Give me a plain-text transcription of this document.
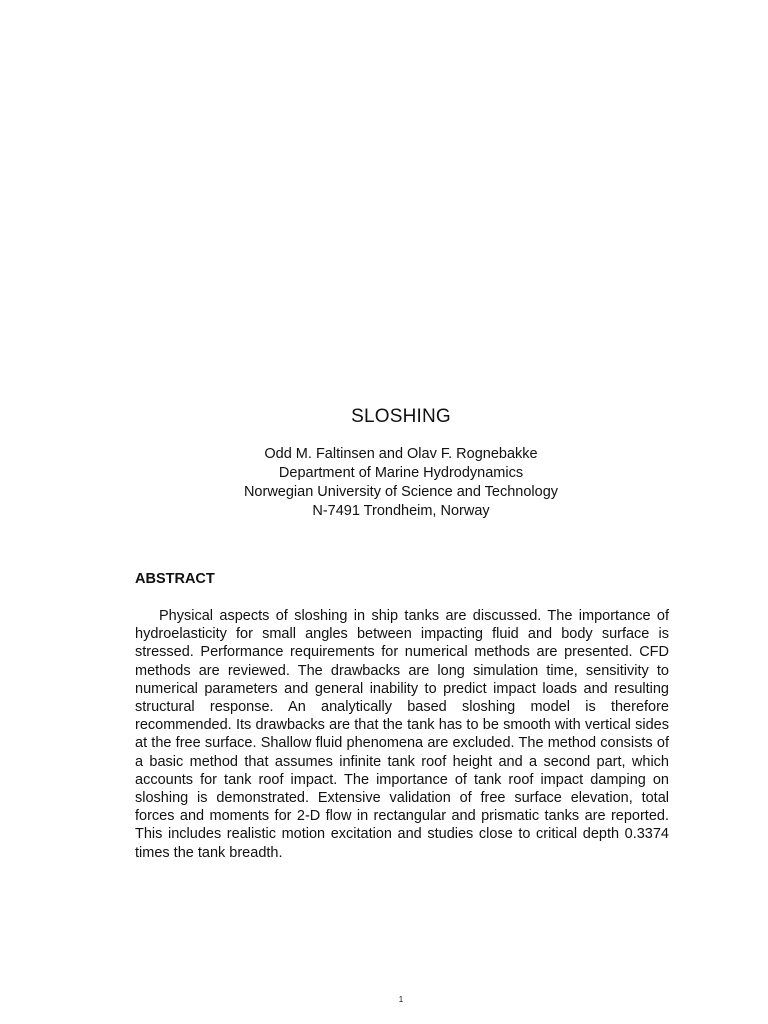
SLOSHING
Odd M. Faltinsen and Olav F. Rognebakke
Department of Marine Hydrodynamics
Norwegian University of Science and Technology
N-7491 Trondheim, Norway
ABSTRACT

Physical aspects of sloshing in ship tanks are discussed. The importance of hydroelasticity for small angles between impacting fluid and body surface is stressed. Performance requirements for numerical methods are presented. CFD methods are reviewed. The drawbacks are long simulation time, sensitivity to numerical parameters and general inability to predict impact loads and resulting structural response. An analytically based sloshing model is therefore recommended. Its drawbacks are that the tank has to be smooth with vertical sides at the free surface. Shallow fluid phenomena are excluded. The method consists of a basic method that assumes infinite tank roof height and a second part, which accounts for tank roof impact. The importance of tank roof impact damping on sloshing is demonstrated. Extensive validation of free surface elevation, total forces and moments for 2-D flow in rectangular and prismatic tanks are reported. This includes realistic motion excitation and studies close to critical depth 0.3374 times the tank breadth.

1
